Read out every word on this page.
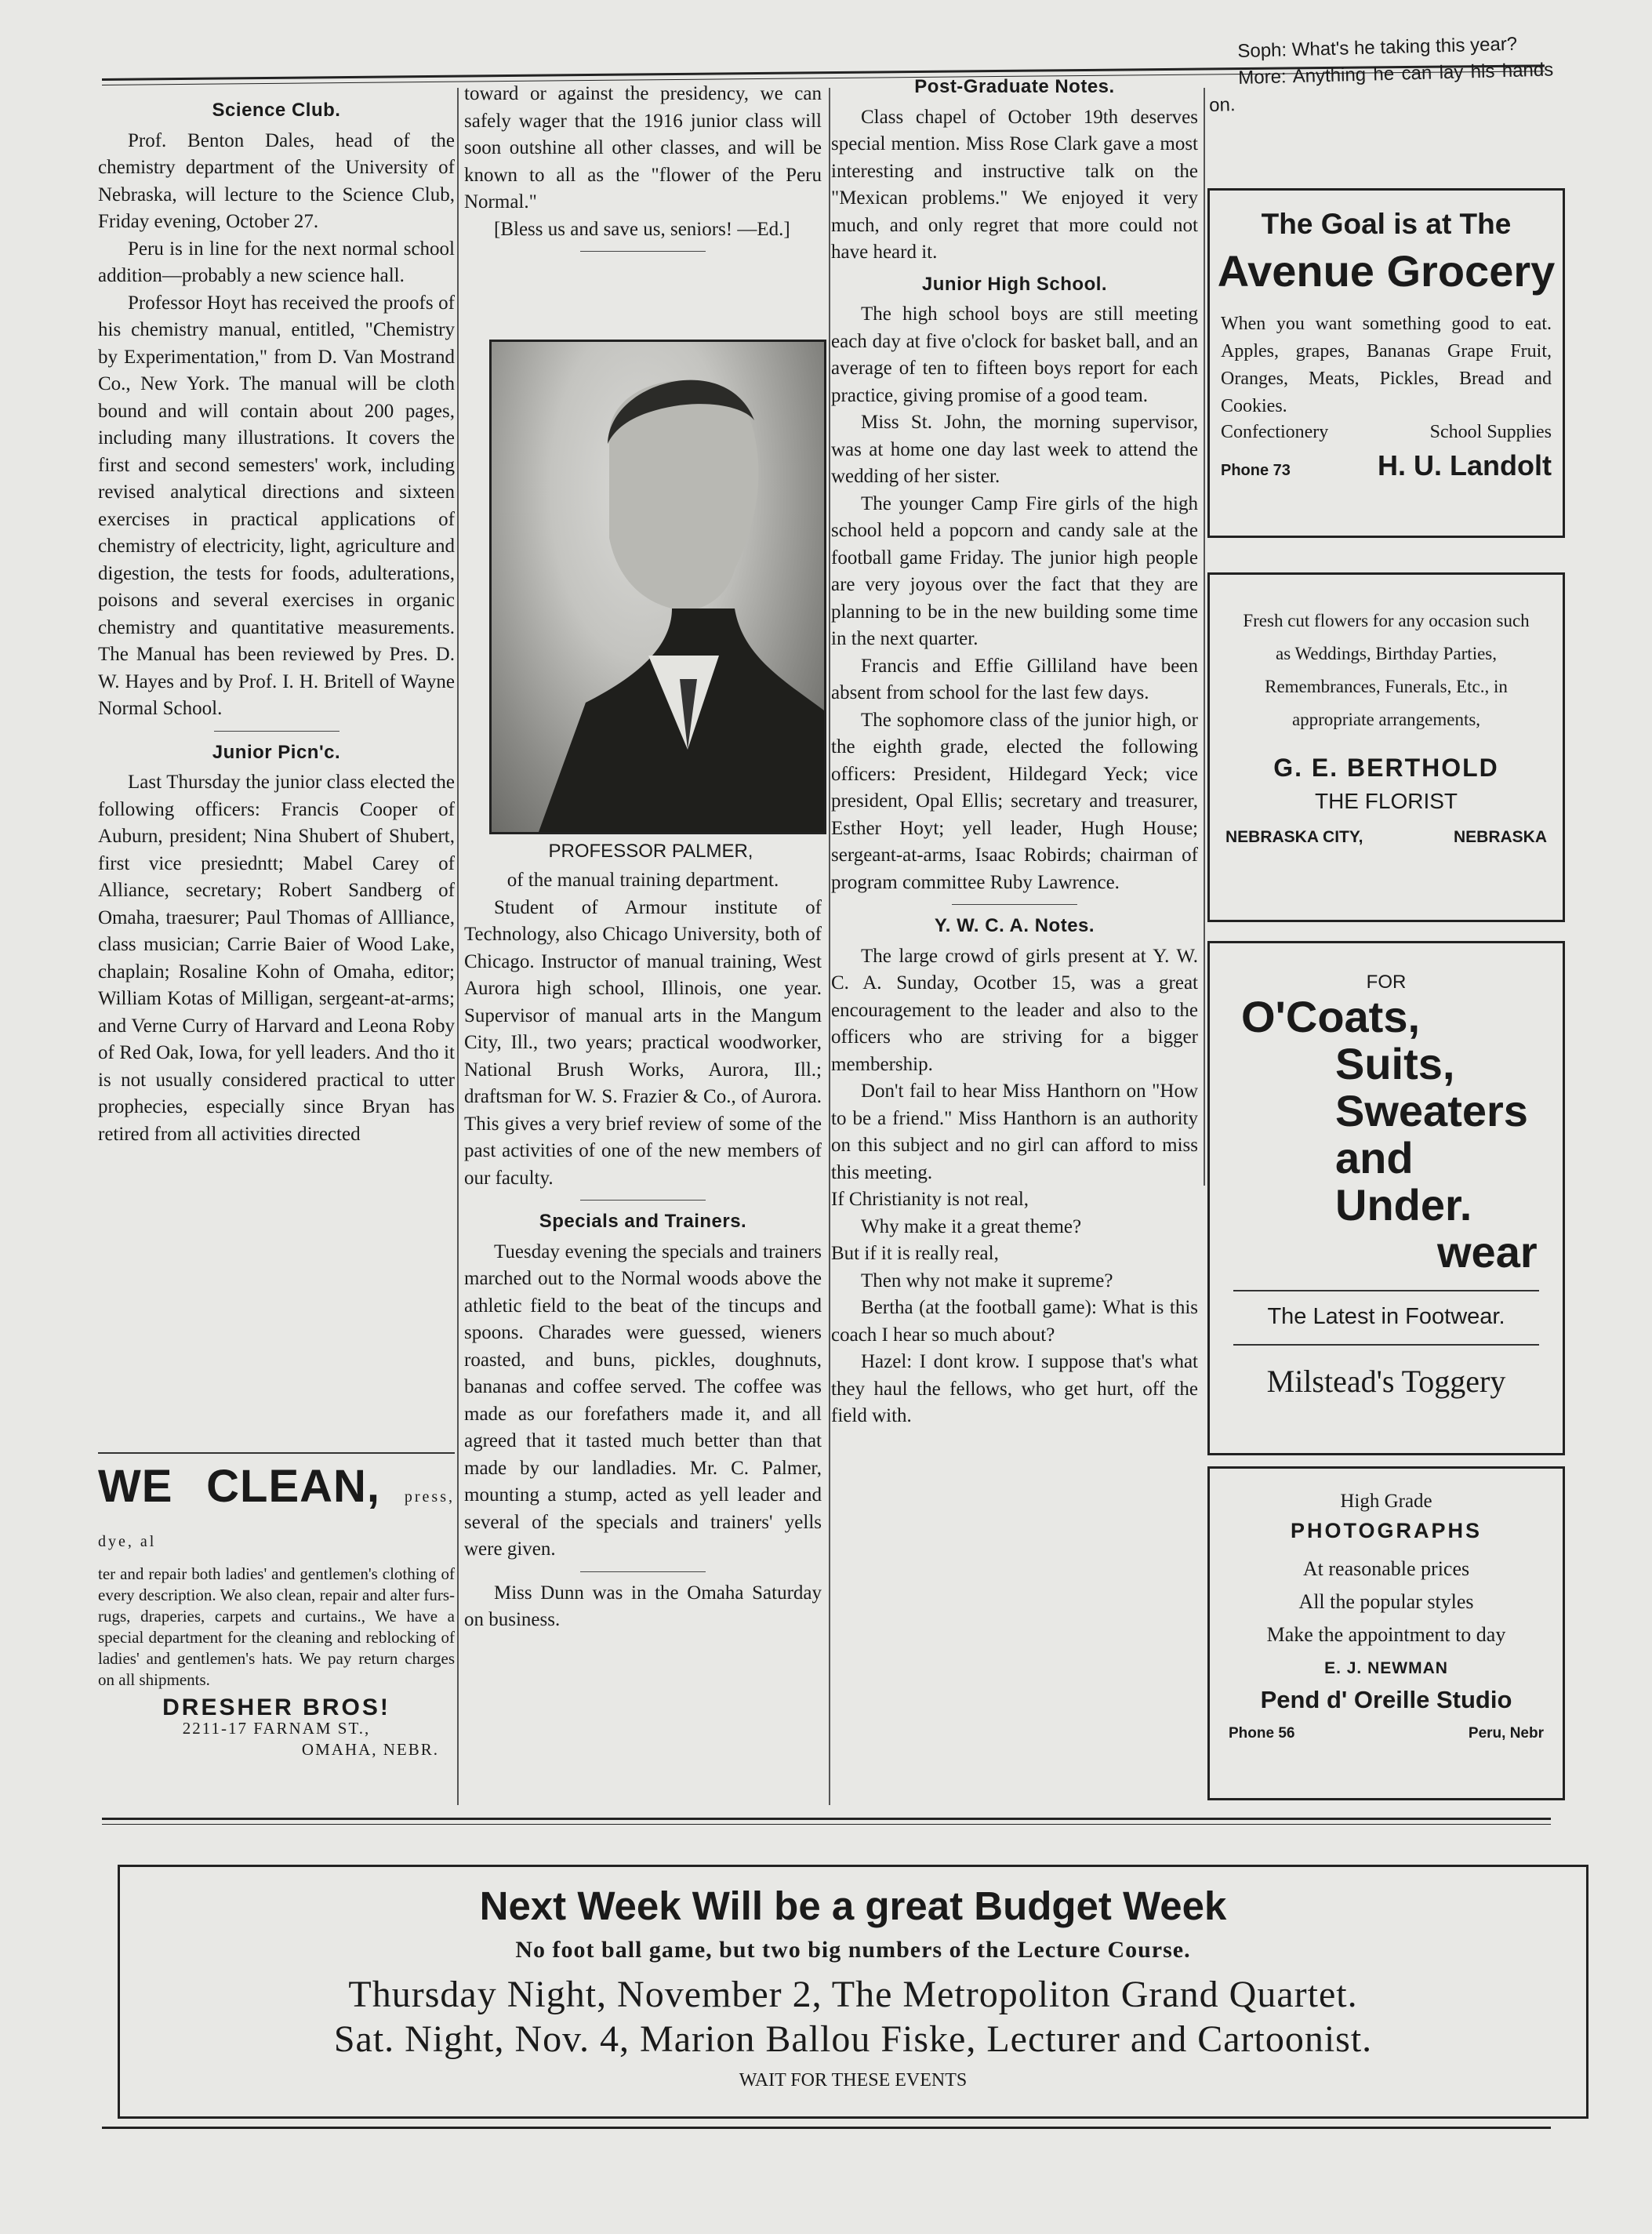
Science Club.

Prof. Benton Dales, head of the chemistry department of the University of Nebraska, will lecture to the Science Club, Friday evening, October 27.

Peru is in line for the next normal school addition—probably a new science hall.

Professor Hoyt has received the proofs of his chemistry manual, entitled, "Chemistry by Experimentation," from D. Van Mostrand Co., New York. The manual will be cloth bound and will contain about 200 pages, including many illustrations. It covers the first and second semesters' work, including revised analytical directions and sixteen exercises in practical applications of chemistry of electricity, light, agriculture and digestion, the tests for foods, adulterations, poisons and several exercises in organic chemistry and quantitative measurements. The Manual has been reviewed by Pres. D. W. Hayes and by Prof. I. H. Britell of Wayne Normal School.

Junior Picn'c.

Last Thursday the junior class elected the following officers: Francis Cooper of Auburn, president; Nina Shubert of Shubert, first vice presiedntt; Mabel Carey of Alliance, secretary; Robert Sandberg of Omaha, traesurer; Paul Thomas of Allliance, class musician; Carrie Baier of Wood Lake, chaplain; Rosaline Kohn of Omaha, editor; William Kotas of Milligan, sergeant-at-arms; and Verne Curry of Harvard and Leona Roby of Red Oak, Iowa, for yell leaders. And tho it is not usually considered practical to utter prophecies, especially since Bryan has retired from all activities directed

WE CLEAN, press, dye, al
ter and repair both ladies' and gentlemen's clothing of every description. We also clean, repair and alter furs-rugs, draperies, carpets and curtains., We have a special department for the cleaning and reblocking of ladies' and gentlemen's hats. We pay return charges on all shipments.
DRESHER BROS!
2211-17 FARNAM ST.,
OMAHA, NEBR.

toward or against the presidency, we can safely wager that the 1916 junior class will soon outshine all other classes, and will be known to all as the "flower of the Peru Normal."

[Bless us and save us, seniors! —Ed.]

PROFESSOR PALMER,

of the manual training department.

Student of Armour institute of Technology, also Chicago University, both of Chicago. Instructor of manual training, West Aurora high school, Illinois, one year. Supervisor of manual arts in the Mangum City, Ill., two years; practical woodworker, National Brush Works, Aurora, Ill.; draftsman for W. S. Frazier & Co., of Aurora. This gives a very brief review of some of the past activities of one of the new members of our faculty.

Specials and Trainers.

Tuesday evening the specials and trainers marched out to the Normal woods above the athletic field to the beat of the tincups and spoons. Charades were guessed, wieners roasted, and buns, pickles, doughnuts, bananas and coffee served. The coffee was made as our forefathers made it, and all agreed that it tasted much better than that made by our landladies. Mr. C. Palmer, mounting a stump, acted as yell leader and several of the specials and trainers' yells were given.

Miss Dunn was in the Omaha Saturday on business.

Post-Graduate Notes.

Class chapel of October 19th deserves special mention. Miss Rose Clark gave a most interesting and instructive talk on the "Mexican problems." We enjoyed it very much, and only regret that more could not have heard it.

Junior High School.

The high school boys are still meeting each day at five o'clock for basket ball, and an average of ten to fifteen boys report for each practice, giving promise of a good team.

Miss St. John, the morning supervisor, was at home one day last week to attend the wedding of her sister.

The younger Camp Fire girls of the high school held a popcorn and candy sale at the football game Friday. The junior high people are very joyous over the fact that they are planning to be in the new building some time in the next quarter.

Francis and Effie Gilliland have been absent from school for the last few days.

The sophomore class of the junior high, or the eighth grade, elected the following officers: President, Hildegard Yeck; vice president, Opal Ellis; secretary and treasurer, Esther Hoyt; yell leader, Hugh House; sergeant-at-arms, Isaac Robirds; chairman of program committee Ruby Lawrence.

Y. W. C. A. Notes.

The large crowd of girls present at Y. W. C. A. Sunday, Ocotber 15, was a great encouragement to the leader and also to the officers who are striving for a bigger membership.

Don't fail to hear Miss Hanthorn on "How to be a friend." Miss Hanthorn is an authority on this subject and no girl can afford to miss this meeting.

If Christianity is not real,
Why make it a great theme?
But if it is really real,
Then why not make it supreme?

Bertha (at the football game): What is this coach I hear so much about?

Hazel: I dont krow. I suppose that's what they haul the fellows, who get hurt, off the field with.

Soph: What's he taking this year?

More: Anything he can lay his hands on.

The Goal is at The
Avenue Grocery
When you want something good to eat. Apples, grapes, Bananas Grape Fruit, Oranges, Meats, Pickles, Bread and Cookies.
Confectionery	School Supplies
Phone 73	H. U. Landolt
Fresh cut flowers for any occasion such as Weddings, Birthday Parties, Remembrances, Funerals, Etc., in appropriate arrangements,
G. E. BERTHOLD
THE FLORIST
NEBRASKA CITY,	NEBRASKA
FOR
O'Coats,
Suits,
Sweaters
and
Under.
wear
The Latest in Footwear.
Milstead's Toggery
High Grade
PHOTOGRAPHS
At reasonable prices
All the popular styles
Make the appointment to day
E. J. NEWMAN
Pend d' Oreille Studio
Phone 56	Peru, Nebr
Next Week Will be a great Budget Week
No foot ball game, but two big numbers of the Lecture Course.
Thursday Night, November 2, The Metropoliton Grand Quartet.
Sat. Night, Nov. 4, Marion Ballou Fiske, Lecturer and Cartoonist.
WAIT FOR THESE EVENTS
